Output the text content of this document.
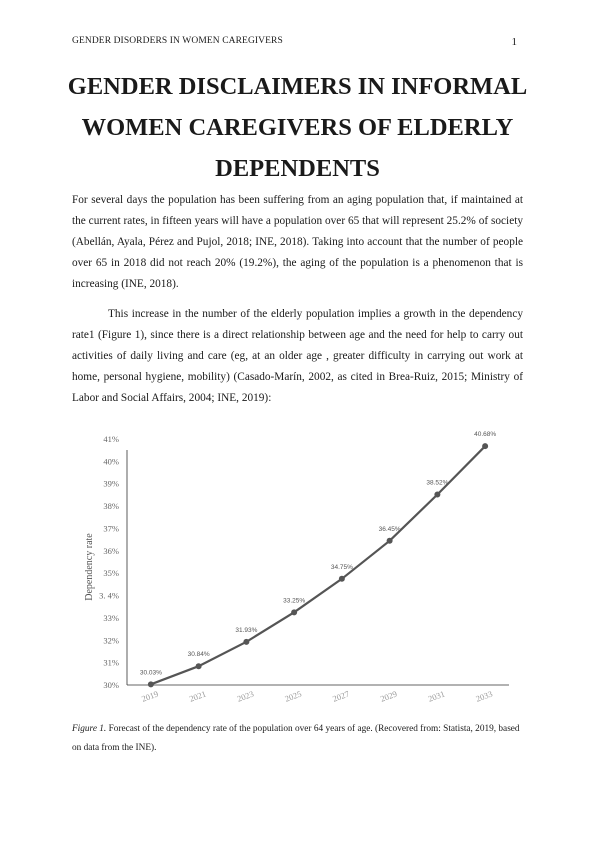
GENDER DISORDERS IN WOMEN CAREGIVERS	1
GENDER DISCLAIMERS IN INFORMAL WOMEN CAREGIVERS OF ELDERLY DEPENDENTS
For several days the population has been suffering from an aging population that, if maintained at the current rates, in fifteen years will have a population over 65 that will represent 25.2% of society (Abellán, Ayala, Pérez and Pujol, 2018; INE, 2018). Taking into account that the number of people over 65 in 2018 did not reach 20% (19.2%), the aging of the population is a phenomenon that is increasing (INE, 2018).
This increase in the number of the elderly population implies a growth in the dependency rate1 (Figure 1), since there is a direct relationship between age and the need for help to carry out activities of daily living and care (eg, at an older age , greater difficulty in carrying out work at home, personal hygiene, mobility) (Casado-Marín, 2002, as cited in Brea-Ruiz, 2015; Ministry of Labor and Social Affairs, 2004; INE, 2019):
30%
31%
32%
33%
3. 4%
35%
36%
37%
38%
39%
40%
41%
2019	2021	2023	2025	2027	2029	2031	2033
30.03%
30.84%
31.93%
33.25%
34.75%
36.45%
38.52%
40.68%
Dependency rate
Figure 1. Forecast of the dependency rate of the population over 64 years of age. (Recovered from: Statista, 2019, based on data from the INE).
